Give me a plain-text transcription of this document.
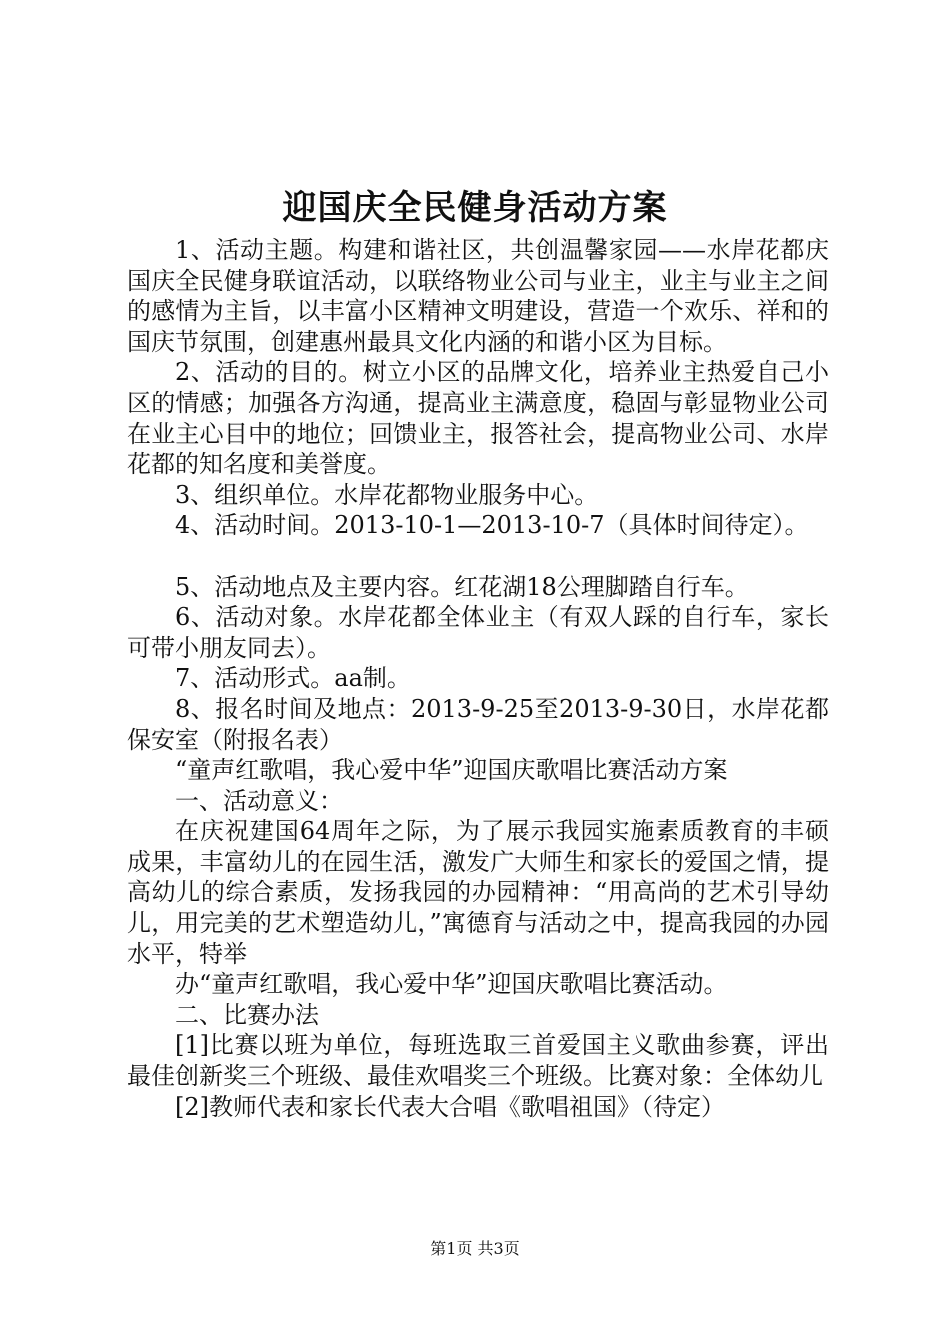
迎国庆全民健身活动方案

1、活动主题。构建和谐社区，共创温馨家园——水岸花都庆国庆全民健身联谊活动，以联络物业公司与业主，业主与业主之间的感情为主旨，以丰富小区精神文明建设，营造一个欢乐、祥和的国庆节氛围，创建惠州最具文化内涵的和谐小区为目标。

2、活动的目的。树立小区的品牌文化，培养业主热爱自己小区的情感；加强各方沟通，提高业主满意度，稳固与彰显物业公司在业主心目中的地位；回馈业主，报答社会，提高物业公司、水岸花都的知名度和美誉度。

3、组织单位。水岸花都物业服务中心。

4、活动时间。2013-10-1—2013-10-7（具体时间待定）。

5、活动地点及主要内容。红花湖18公理脚踏自行车。

6、活动对象。水岸花都全体业主（有双人踩的自行车，家长可带小朋友同去）。

7、活动形式。aa制。

8、报名时间及地点：2013-9-25至2013-9-30日，水岸花都保安室（附报名表）

“童声红歌唱，我心爱中华”迎国庆歌唱比赛活动方案

一、活动意义：

在庆祝建国64周年之际，为了展示我园实施素质教育的丰硕成果，丰富幼儿的在园生活，激发广大师生和家长的爱国之情，提高幼儿的综合素质，发扬我园的办园精神：“用高尚的艺术引导幼儿，用完美的艺术塑造幼儿，”寓德育与活动之中，提高我园的办园水平，特举

办“童声红歌唱，我心爱中华”迎国庆歌唱比赛活动。

二、比赛办法

[1]比赛以班为单位，每班选取三首爱国主义歌曲参赛，评出最佳创新奖三个班级、最佳欢唱奖三个班级。比赛对象：全体幼儿

[2]教师代表和家长代表大合唱《歌唱祖国》（待定）

第1页 共3页
